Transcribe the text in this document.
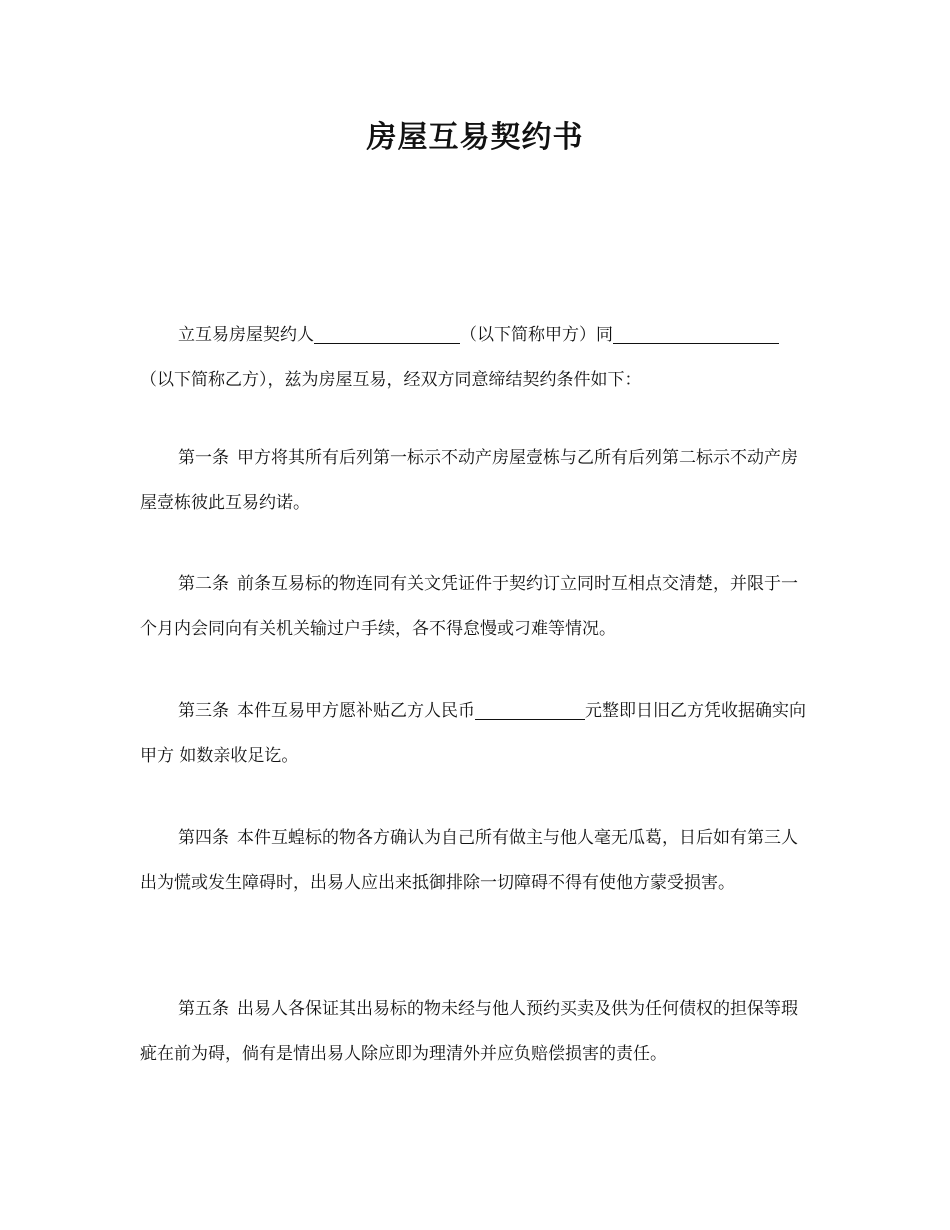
房屋互易契约书

立互易房屋契约人	（以下简称甲方）同（以下简称乙方），兹为房屋互易，经双方同意缔结契约条件如下：

第一条 甲方将其所有后列第一标示不动产房屋壹栋与乙所有后列第二标示不动产房屋壹栋彼此互易约诺。

第二条 前条互易标的物连同有关文凭证件于契约订立同时互相点交清楚，并限于一个月内会同向有关机关输过户手续，各不得怠慢或刁难等情况。

第三条 本件互易甲方愿补贴乙方人民币	元整即日旧乙方凭收据确实向甲方 如数亲收足讫。

第四条 本件互蝗标的物各方确认为自己所有做主与他人毫无瓜葛，日后如有第三人出为慌或发生障碍时，出易人应出来抵御排除一切障碍不得有使他方蒙受损害。

第五条 出易人各保证其出易标的物未经与他人预约买卖及供为任何债权的担保等瑕疵在前为碍，倘有是情出易人除应即为理清外并应负赔偿损害的责任。
